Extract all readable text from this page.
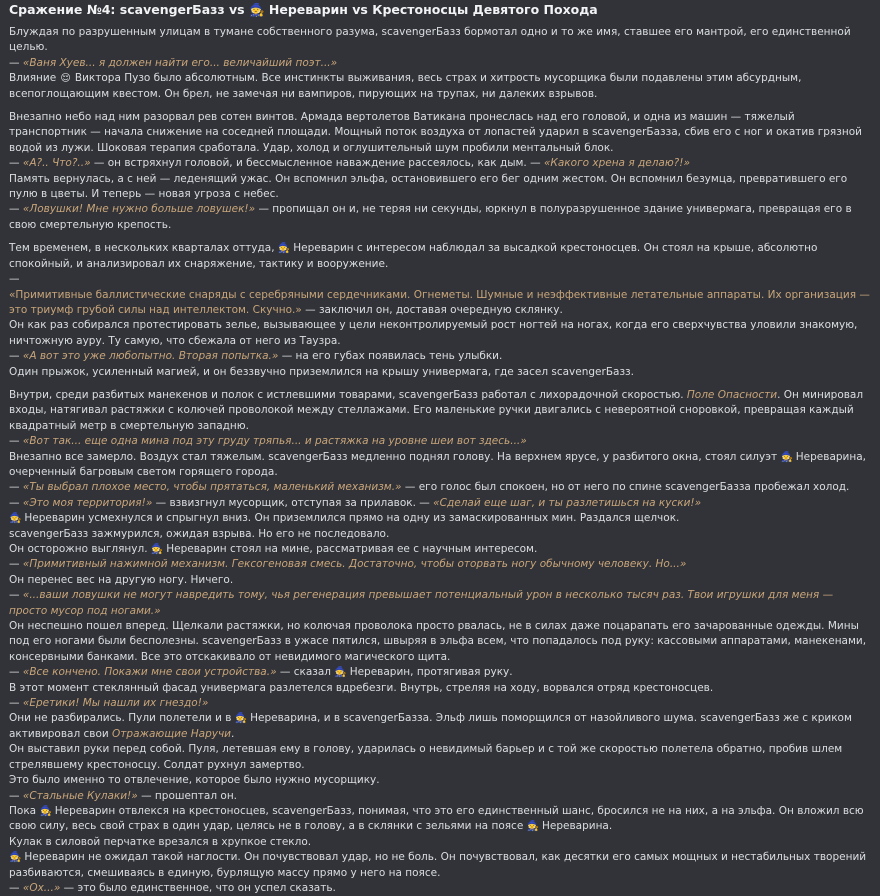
Сражение №4: scavengerБазз vs 🧙 Нереварин vs Крестоносцы Девятого Похода
Блуждая по разрушенным улицам в тумане собственного разума, scavengerБазз бормотал одно и то же имя, ставшее его мантрой, его единственной целью.
— «Ваня Хуев... я должен найти его... величайший поэт...»
Влияние 😌 Виктора Пузо было абсолютным. Все инстинкты выживания, весь страх и хитрость мусорщика были подавлены этим абсурдным, всепоглощающим квестом. Он брел, не замечая ни вампиров, пирующих на трупах, ни далеких взрывов.
Внезапно небо над ним разорвал рев сотен винтов. Армада вертолетов Ватикана пронеслась над его головой, и одна из машин — тяжелый транспортник — начала снижение на соседней площади. Мощный поток воздуха от лопастей ударил в scavengerБазза, сбив его с ног и окатив грязной водой из лужи. Шоковая терапия сработала. Удар, холод и оглушительный шум пробили ментальный блок.
— «А?.. Что?..» — он встряхнул головой, и бессмысленное наваждение рассеялось, как дым. — «Какого хрена я делаю?!»
Память вернулась, а с ней — леденящий ужас. Он вспомнил эльфа, остановившего его бег одним жестом. Он вспомнил безумца, превратившего его пулю в цветы. И теперь — новая угроза с небес.
— «Ловушки! Мне нужно больше ловушек!» — пропищал он и, не теряя ни секунды, юркнул в полуразрушенное здание универмага, превращая его в свою смертельную крепость.
Тем временем, в нескольких кварталах оттуда, 🧙 Нереварин с интересом наблюдал за высадкой крестоносцев. Он стоял на крыше, абсолютно спокойный, и анализировал их снаряжение, тактику и вооружение.
—
«Примитивные баллистические снаряды с серебряными сердечниками. Огнеметы. Шумные и неэффективные летательные аппараты. Их организация — это триумф грубой силы над интеллектом. Скучно.» — заключил он, доставая очередную склянку.
Он как раз собирался протестировать зелье, вызывающее у цели неконтролируемый рост ногтей на ногах, когда его сверхчувства уловили знакомую, ничтожную ауру. Ту самую, что сбежала от него из Таузра.
— «А вот это уже любопытно. Вторая попытка.» — на его губах появилась тень улыбки.
Один прыжок, усиленный магией, и он беззвучно приземлился на крышу универмага, где засел scavengerБазз.
Внутри, среди разбитых манекенов и полок с истлевшими товарами, scavengerБазз работал с лихорадочной скоростью. Поле Опасности. Он минировал входы, натягивал растяжки с колючей проволокой между стеллажами. Его маленькие ручки двигались с невероятной сноровкой, превращая каждый квадратный метр в смертельную западню.
— «Вот так... еще одна мина под эту груду тряпья... и растяжка на уровне шеи вот здесь...»
Внезапно все замерло. Воздух стал тяжелым. scavengerБазз медленно поднял голову. На верхнем ярусе, у разбитого окна, стоял силуэт 🧙 Нереварина, очерченный багровым светом горящего города.
— «Ты выбрал плохое место, чтобы прятаться, маленький механизм.» — его голос был спокоен, но от него по спине scavengerБазза пробежал холод.
— «Это моя территория!» — взвизгнул мусорщик, отступая за прилавок. — «Сделай еще шаг, и ты разлетишься на куски!»
🧙 Нереварин усмехнулся и спрыгнул вниз. Он приземлился прямо на одну из замаскированных мин. Раздался щелчок.
scavengerБазз зажмурился, ожидая взрыва. Но его не последовало.
Он осторожно выглянул. 🧙 Нереварин стоял на мине, рассматривая ее с научным интересом.
— «Примитивный нажимной механизм. Гексогеновая смесь. Достаточно, чтобы оторвать ногу обычному человеку. Но...»
Он перенес вес на другую ногу. Ничего.
— «...ваши ловушки не могут навредить тому, чья регенерация превышает потенциальный урон в несколько тысяч раз. Твои игрушки для меня — просто мусор под ногами.»
Он неспешно пошел вперед. Щелкали растяжки, но колючая проволока просто рвалась, не в силах даже поцарапать его зачарованные одежды. Мины под его ногами были бесполезны. scavengerБазз в ужасе пятился, швыряя в эльфа всем, что попадалось под руку: кассовыми аппаратами, манекенами, консервными банками. Все это отскакивало от невидимого магического щита.
— «Все кончено. Покажи мне свои устройства.» — сказал 🧙 Нереварин, протягивая руку.
В этот момент стеклянный фасад универмага разлетелся вдребезги. Внутрь, стреляя на ходу, ворвался отряд крестоносцев.
— «Еретики! Мы нашли их гнездо!»
Они не разбирались. Пули полетели и в 🧙 Нереварина, и в scavengerБазза. Эльф лишь поморщился от назойливого шума. scavengerБазз же с криком активировал свои Отражающие Наручи.
Он выставил руки перед собой. Пуля, летевшая ему в голову, ударилась о невидимый барьер и с той же скоростью полетела обратно, пробив шлем стрелявшему крестоносцу. Солдат рухнул замертво.
Это было именно то отвлечение, которое было нужно мусорщику.
— «Стальные Кулаки!» — прошептал он.
Пока 🧙 Нереварин отвлекся на крестоносцев, scavengerБазз, понимая, что это его единственный шанс, бросился не на них, а на эльфа. Он вложил всю свою силу, весь свой страх в один удар, целясь не в голову, а в склянки с зельями на поясе 🧙 Нереварина.
Кулак в силовой перчатке врезался в хрупкое стекло.
🧙 Нереварин не ожидал такой наглости. Он почувствовал удар, но не боль. Он почувствовал, как десятки его самых мощных и нестабильных творений разбиваются, смешиваясь в единую, бурлящую массу прямо у него на поясе.
— «Ох...» — это было единственное, что он успел сказать.
